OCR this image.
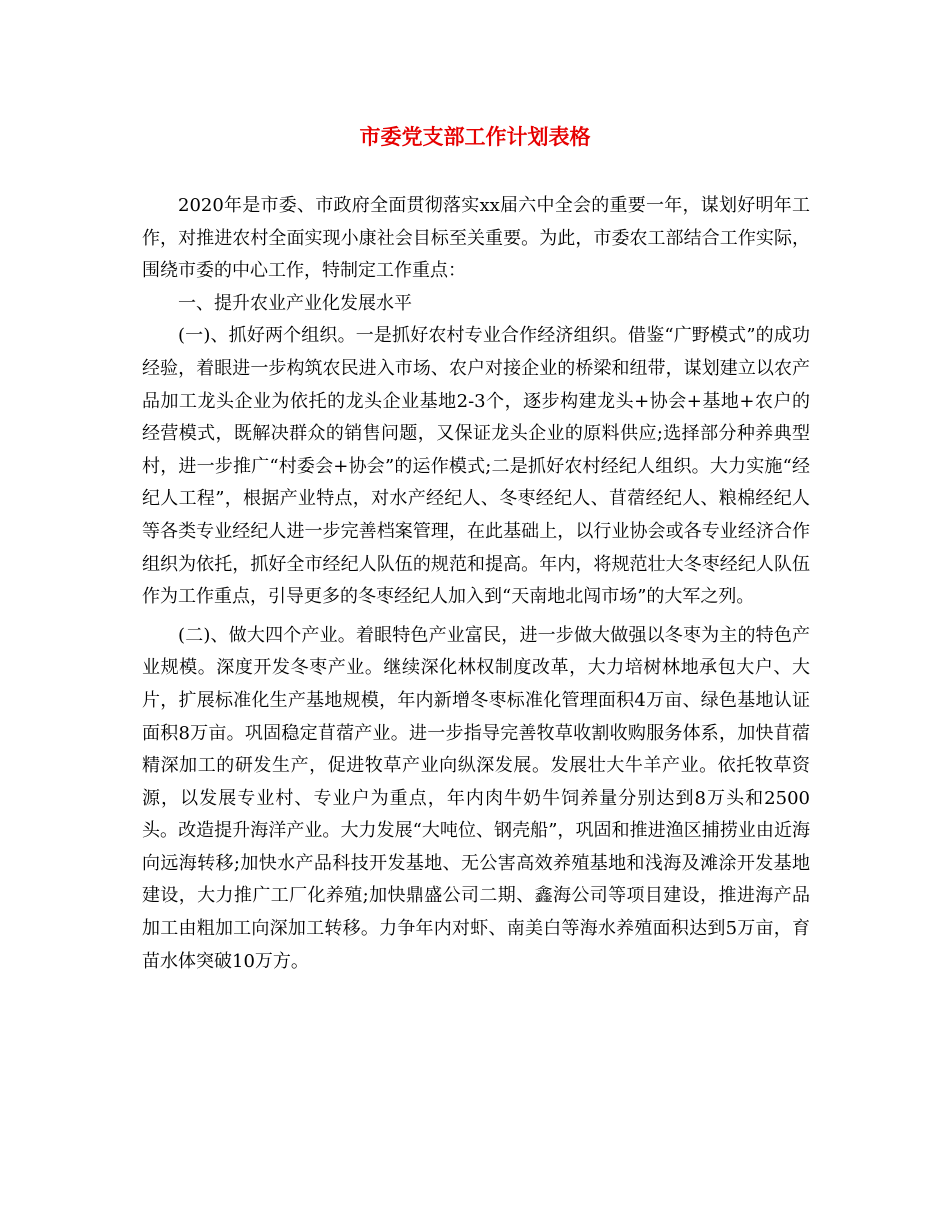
市委党支部工作计划表格

2020年是市委、市政府全面贯彻落实xx届六中全会的重要一年，谋划好明年工作，对推进农村全面实现小康社会目标至关重要。为此，市委农工部结合工作实际，围绕市委的中心工作，特制定工作重点：

一、提升农业产业化发展水平

(一)、抓好两个组织。一是抓好农村专业合作经济组织。借鉴“广野模式”的成功经验，着眼进一步构筑农民进入市场、农户对接企业的桥梁和纽带，谋划建立以农产品加工龙头企业为依托的龙头企业基地2-3个，逐步构建龙头+协会+基地+农户的经营模式，既解决群众的销售问题，又保证龙头企业的原料供应;选择部分种养典型村，进一步推广“村委会+协会”的运作模式;二是抓好农村经纪人组织。大力实施“经纪人工程”，根据产业特点，对水产经纪人、冬枣经纪人、苜蓿经纪人、粮棉经纪人等各类专业经纪人进一步完善档案管理，在此基础上，以行业协会或各专业经济合作组织为依托，抓好全市经纪人队伍的规范和提高。年内，将规范壮大冬枣经纪人队伍作为工作重点，引导更多的冬枣经纪人加入到“天南地北闯市场”的大军之列。

(二)、做大四个产业。着眼特色产业富民，进一步做大做强以冬枣为主的特色产业规模。深度开发冬枣产业。继续深化林权制度改革，大力培树林地承包大户、大片，扩展标准化生产基地规模，年内新增冬枣标准化管理面积4万亩、绿色基地认证面积8万亩。巩固稳定苜蓿产业。进一步指导完善牧草收割收购服务体系，加快苜蓿精深加工的研发生产，促进牧草产业向纵深发展。发展壮大牛羊产业。依托牧草资源，以发展专业村、专业户为重点，年内肉牛奶牛饲养量分别达到8万头和2500头。改造提升海洋产业。大力发展“大吨位、钢壳船”，巩固和推进渔区捕捞业由近海向远海转移;加快水产品科技开发基地、无公害高效养殖基地和浅海及滩涂开发基地建设，大力推广工厂化养殖;加快鼎盛公司二期、鑫海公司等项目建设，推进海产品加工由粗加工向深加工转移。力争年内对虾、南美白等海水养殖面积达到5万亩，育苗水体突破10万方。
